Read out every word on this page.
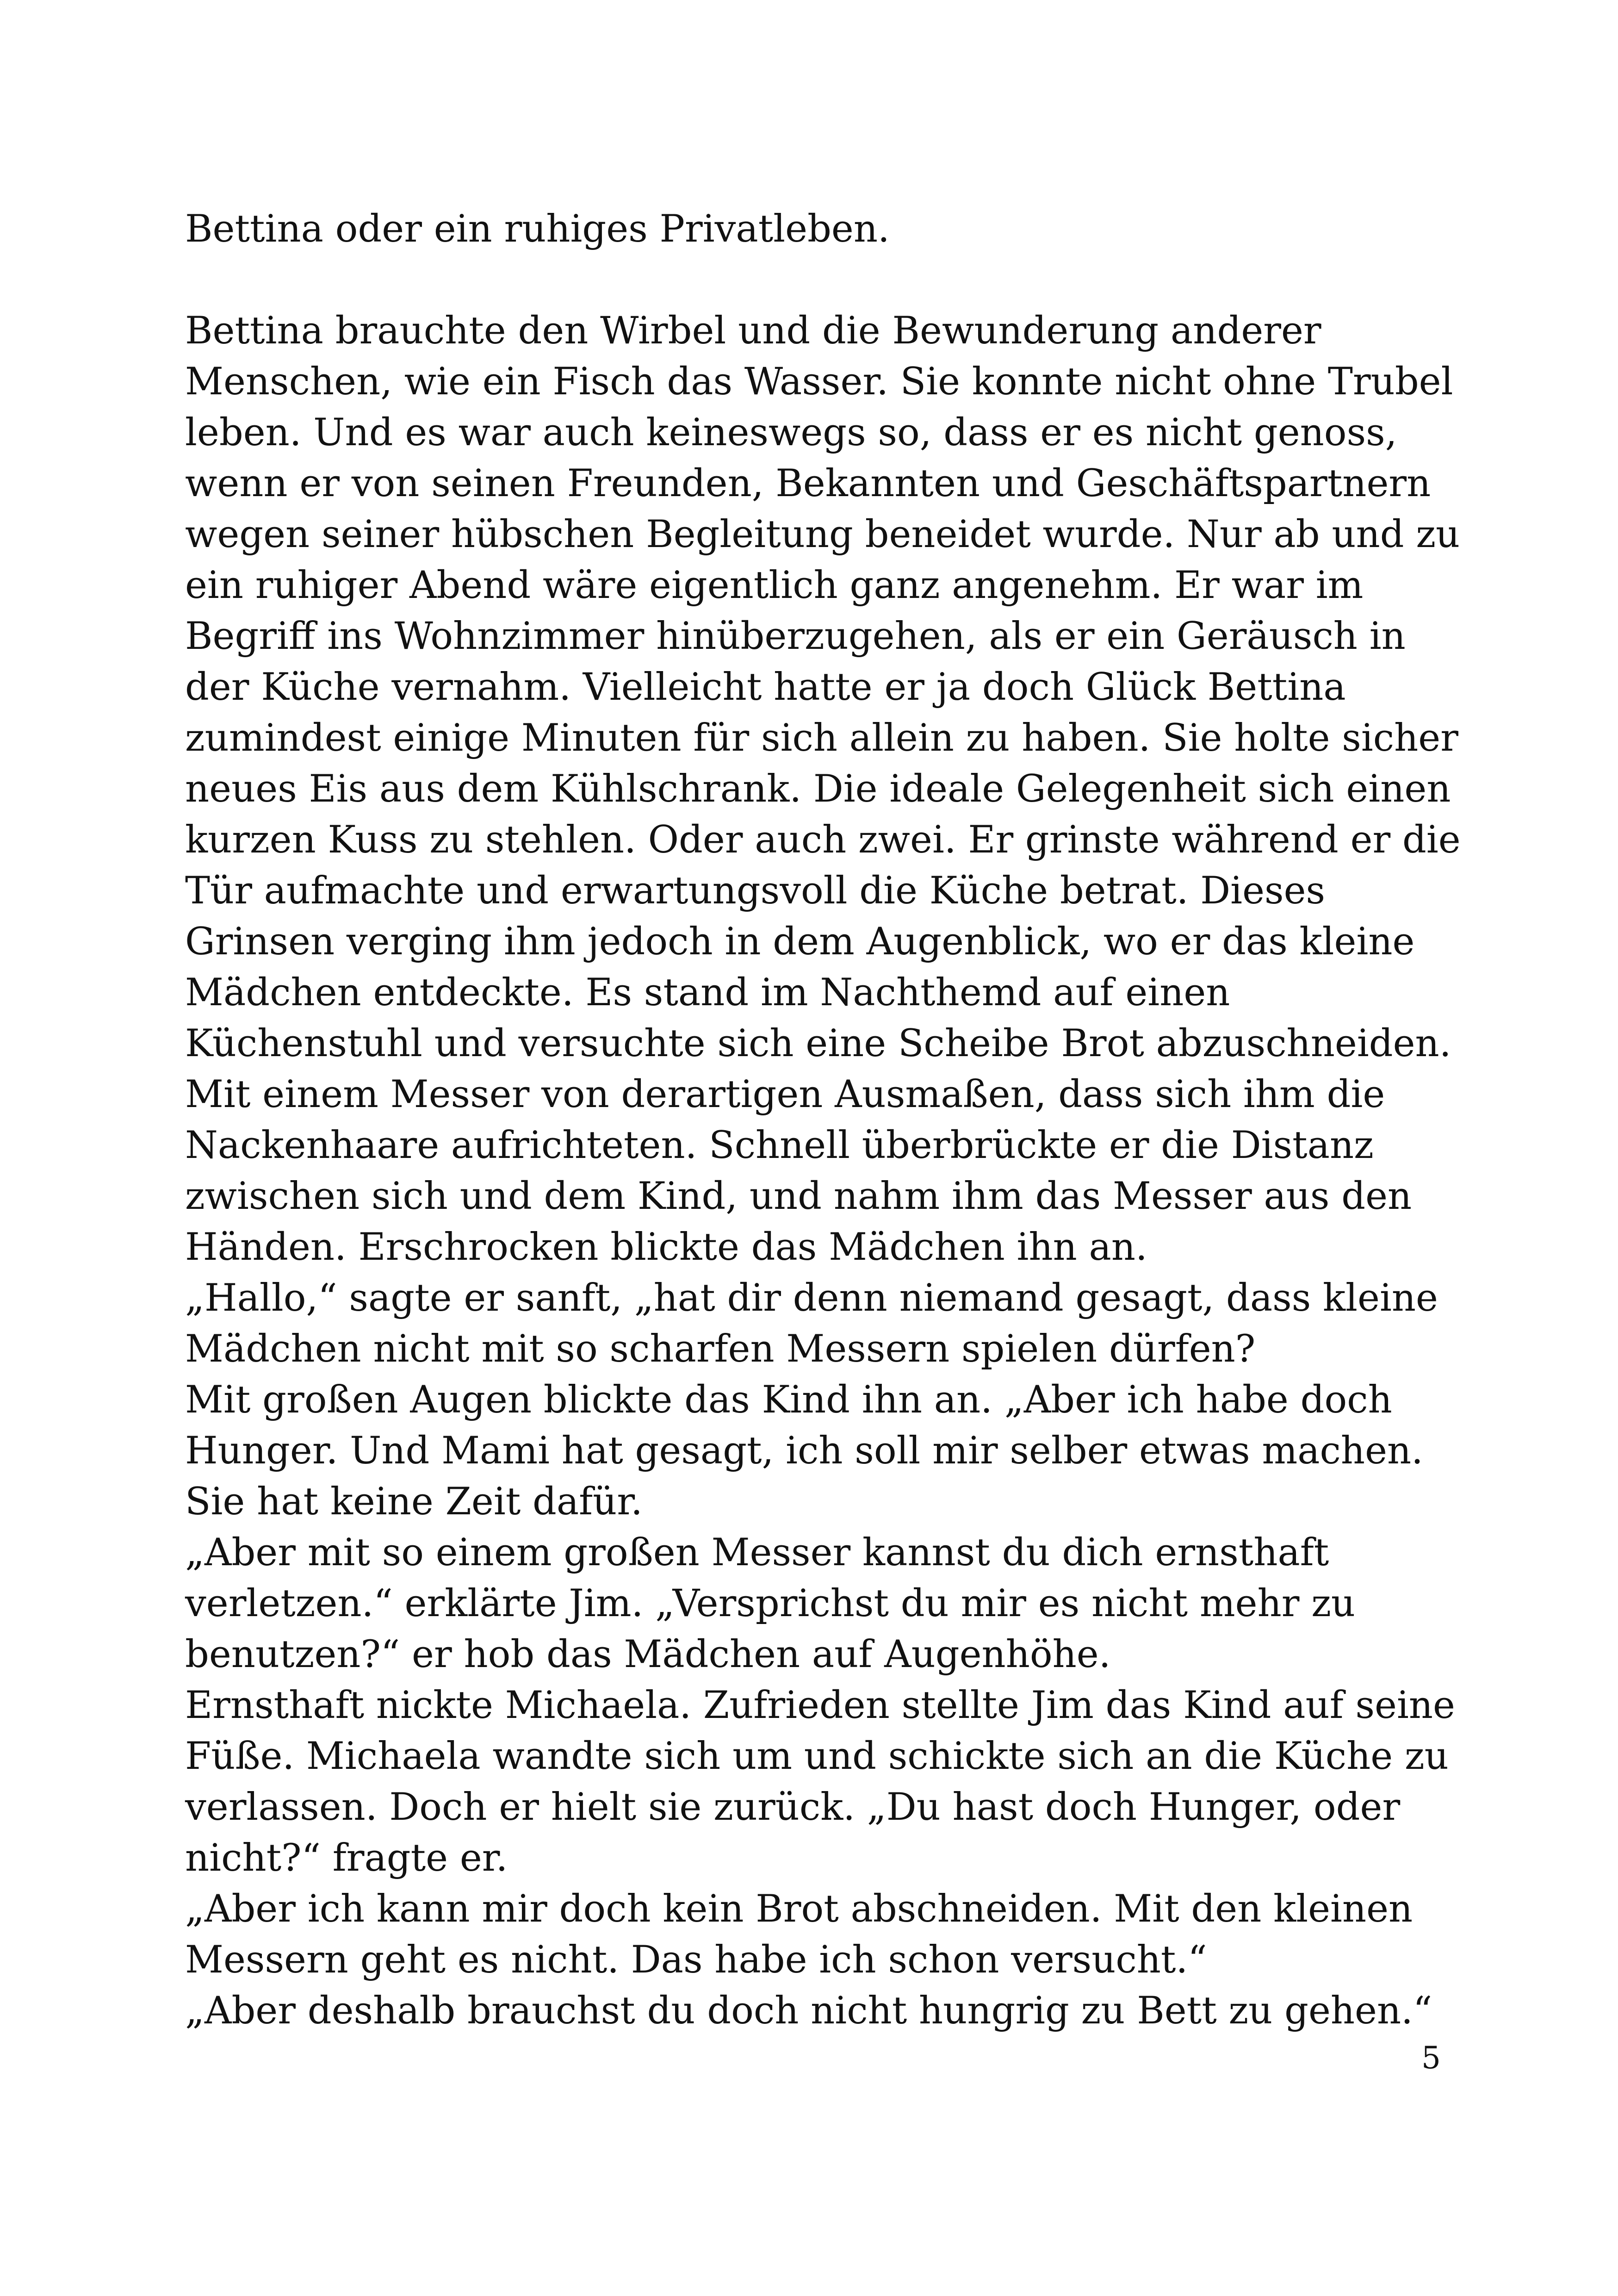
Bettina oder ein ruhiges Privatleben.
Bettina brauchte den Wirbel und die Bewunderung anderer
Menschen, wie ein Fisch das Wasser. Sie konnte nicht ohne Trubel
leben. Und es war auch keineswegs so, dass er es nicht genoss,
wenn er von seinen Freunden, Bekannten und Geschäftspartnern
wegen seiner hübschen Begleitung beneidet wurde. Nur ab und zu
ein ruhiger Abend wäre eigentlich ganz angenehm. Er war im
Begriff ins Wohnzimmer hinüberzugehen, als er ein Geräusch in
der Küche vernahm. Vielleicht hatte er ja doch Glück Bettina
zumindest einige Minuten für sich allein zu haben. Sie holte sicher
neues Eis aus dem Kühlschrank. Die ideale Gelegenheit sich einen
kurzen Kuss zu stehlen. Oder auch zwei. Er grinste während er die
Tür aufmachte und erwartungsvoll die Küche betrat. Dieses
Grinsen verging ihm jedoch in dem Augenblick, wo er das kleine
Mädchen entdeckte. Es stand im Nachthemd auf einen
Küchenstuhl und versuchte sich eine Scheibe Brot abzuschneiden.
Mit einem Messer von derartigen Ausmaßen, dass sich ihm die
Nackenhaare aufrichteten. Schnell überbrückte er die Distanz
zwischen sich und dem Kind, und nahm ihm das Messer aus den
Händen. Erschrocken blickte das Mädchen ihn an.
„Hallo,“ sagte er sanft, „hat dir denn niemand gesagt, dass kleine
Mädchen nicht mit so scharfen Messern spielen dürfen?
Mit großen Augen blickte das Kind ihn an. „Aber ich habe doch
Hunger. Und Mami hat gesagt, ich soll mir selber etwas machen.
Sie hat keine Zeit dafür.
„Aber mit so einem großen Messer kannst du dich ernsthaft
verletzen.“ erklärte Jim. „Versprichst du mir es nicht mehr zu
benutzen?“ er hob das Mädchen auf Augenhöhe.
Ernsthaft nickte Michaela. Zufrieden stellte Jim das Kind auf seine
Füße. Michaela wandte sich um und schickte sich an die Küche zu
verlassen. Doch er hielt sie zurück. „Du hast doch Hunger, oder
nicht?“ fragte er.
„Aber ich kann mir doch kein Brot abschneiden. Mit den kleinen
Messern geht es nicht. Das habe ich schon versucht.“
„Aber deshalb brauchst du doch nicht hungrig zu Bett zu gehen.“
5
